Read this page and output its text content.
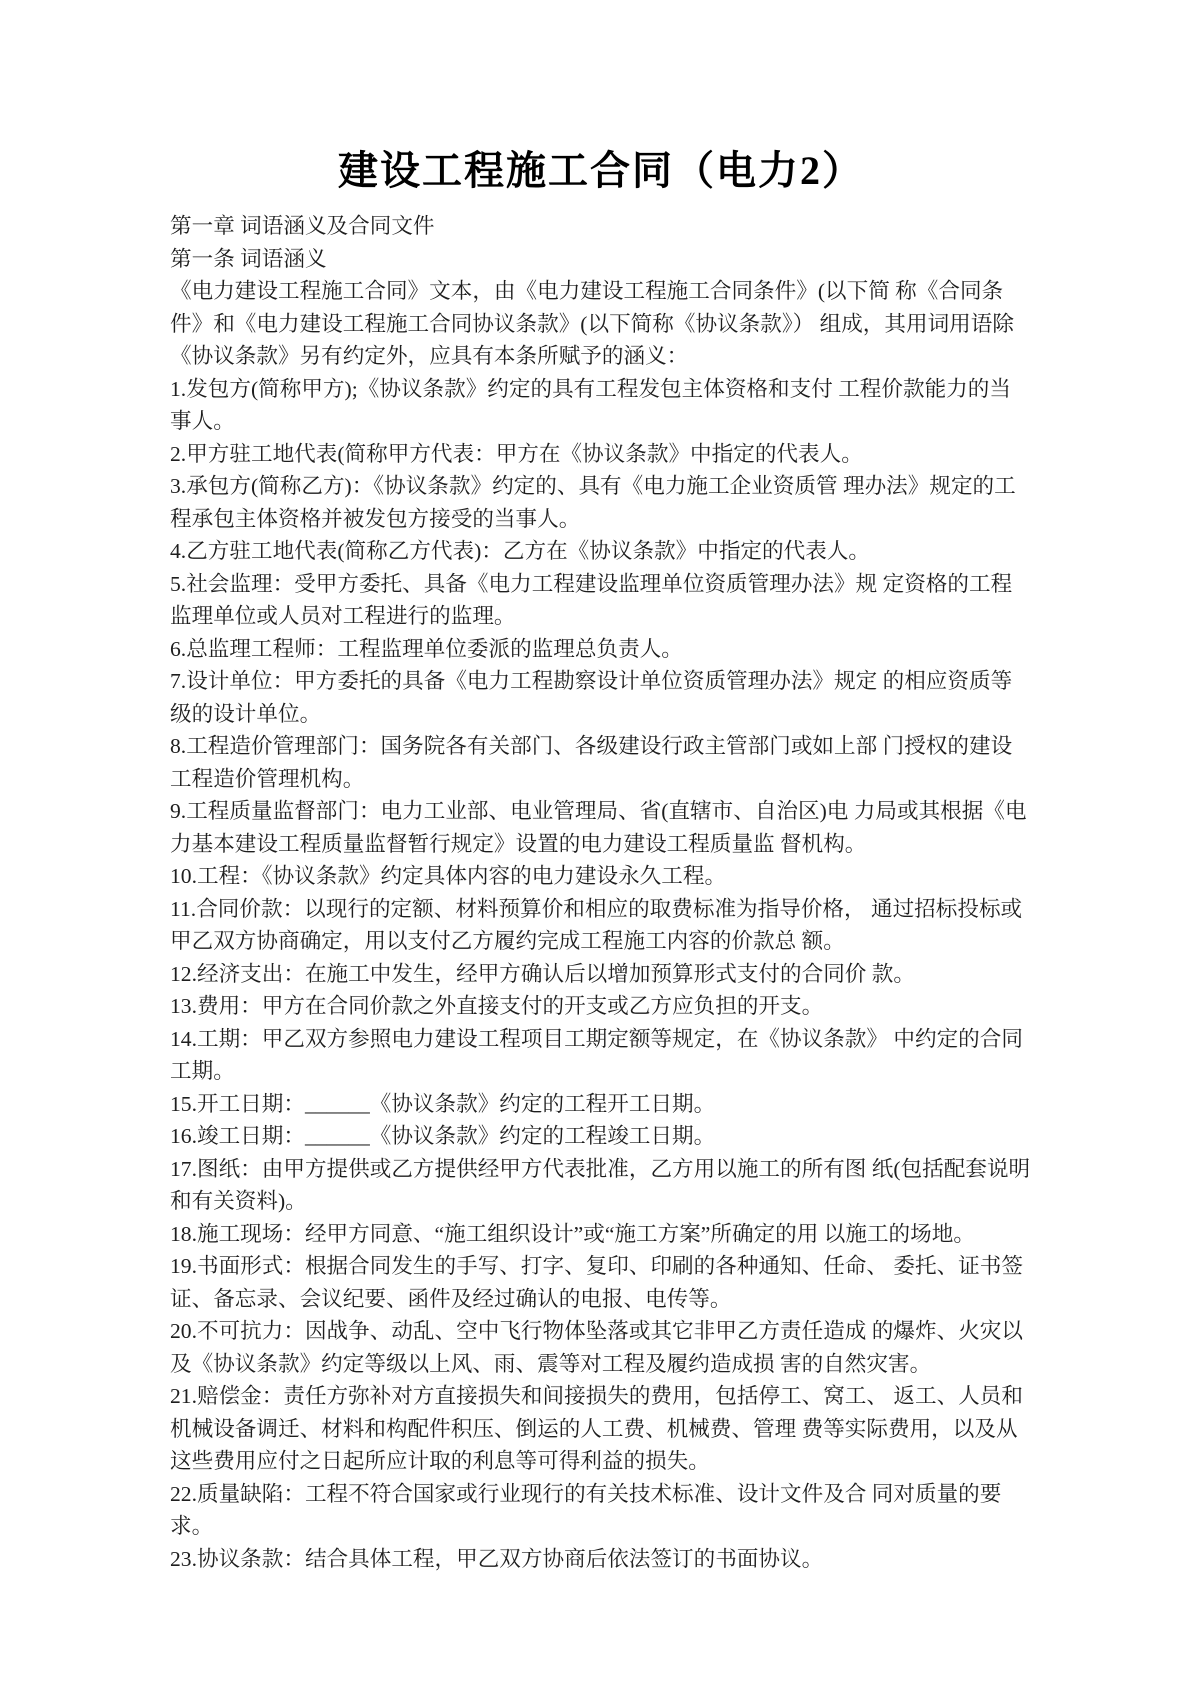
建设工程施工合同（电力2）

第一章 词语涵义及合同文件

第一条 词语涵义

《电力建设工程施工合同》文本，由《电力建设工程施工合同条件》(以下简 称《合同条件》和《电力建设工程施工合同协议条款》(以下简称《协议条款》） 组成，其用词用语除《协议条款》另有约定外，应具有本条所赋予的涵义：

1.发包方(简称甲方);《协议条款》约定的具有工程发包主体资格和支付 工程价款能力的当事人。

2.甲方驻工地代表(简称甲方代表：甲方在《协议条款》中指定的代表人。

3.承包方(简称乙方)：《协议条款》约定的、具有《电力施工企业资质管 理办法》规定的工程承包主体资格并被发包方接受的当事人。

4.乙方驻工地代表(简称乙方代表)：乙方在《协议条款》中指定的代表人。

5.社会监理：受甲方委托、具备《电力工程建设监理单位资质管理办法》规 定资格的工程监理单位或人员对工程进行的监理。

6.总监理工程师：工程监理单位委派的监理总负责人。

7.设计单位：甲方委托的具备《电力工程勘察设计单位资质管理办法》规定 的相应资质等级的设计单位。

8.工程造价管理部门：国务院各有关部门、各级建设行政主管部门或如上部 门授权的建设工程造价管理机构。

9.工程质量监督部门：电力工业部、电业管理局、省(直辖市、自治区)电 力局或其根据《电力基本建设工程质量监督暂行规定》设置的电力建设工程质量监 督机构。

10.工程：《协议条款》约定具体内容的电力建设永久工程。

11.合同价款：以现行的定额、材料预算价和相应的取费标准为指导价格， 通过招标投标或甲乙双方协商确定，用以支付乙方履约完成工程施工内容的价款总 额。

12.经济支出：在施工中发生，经甲方确认后以增加预算形式支付的合同价 款。

13.费用：甲方在合同价款之外直接支付的开支或乙方应负担的开支。

14.工期：甲乙双方参照电力建设工程项目工期定额等规定，在《协议条款》 中约定的合同工期。

15.开工日期：______《协议条款》约定的工程开工日期。

16.竣工日期：______《协议条款》约定的工程竣工日期。

17.图纸：由甲方提供或乙方提供经甲方代表批准，乙方用以施工的所有图 纸(包括配套说明和有关资料)。

18.施工现场：经甲方同意、“施工组织设计”或“施工方案”所确定的用 以施工的场地。

19.书面形式：根据合同发生的手写、打字、复印、印刷的各种通知、任命、 委托、证书签证、备忘录、会议纪要、函件及经过确认的电报、电传等。

20.不可抗力：因战争、动乱、空中飞行物体坠落或其它非甲乙方责任造成 的爆炸、火灾以及《协议条款》约定等级以上风、雨、震等对工程及履约造成损 害的自然灾害。

21.赔偿金：责任方弥补对方直接损失和间接损失的费用，包括停工、窝工、 返工、人员和机械设备调迁、材料和构配件积压、倒运的人工费、机械费、管理 费等实际费用，以及从这些费用应付之日起所应计取的利息等可得利益的损失。

22.质量缺陷：工程不符合国家或行业现行的有关技术标准、设计文件及合 同对质量的要求。

23.协议条款：结合具体工程，甲乙双方协商后依法签订的书面协议。
